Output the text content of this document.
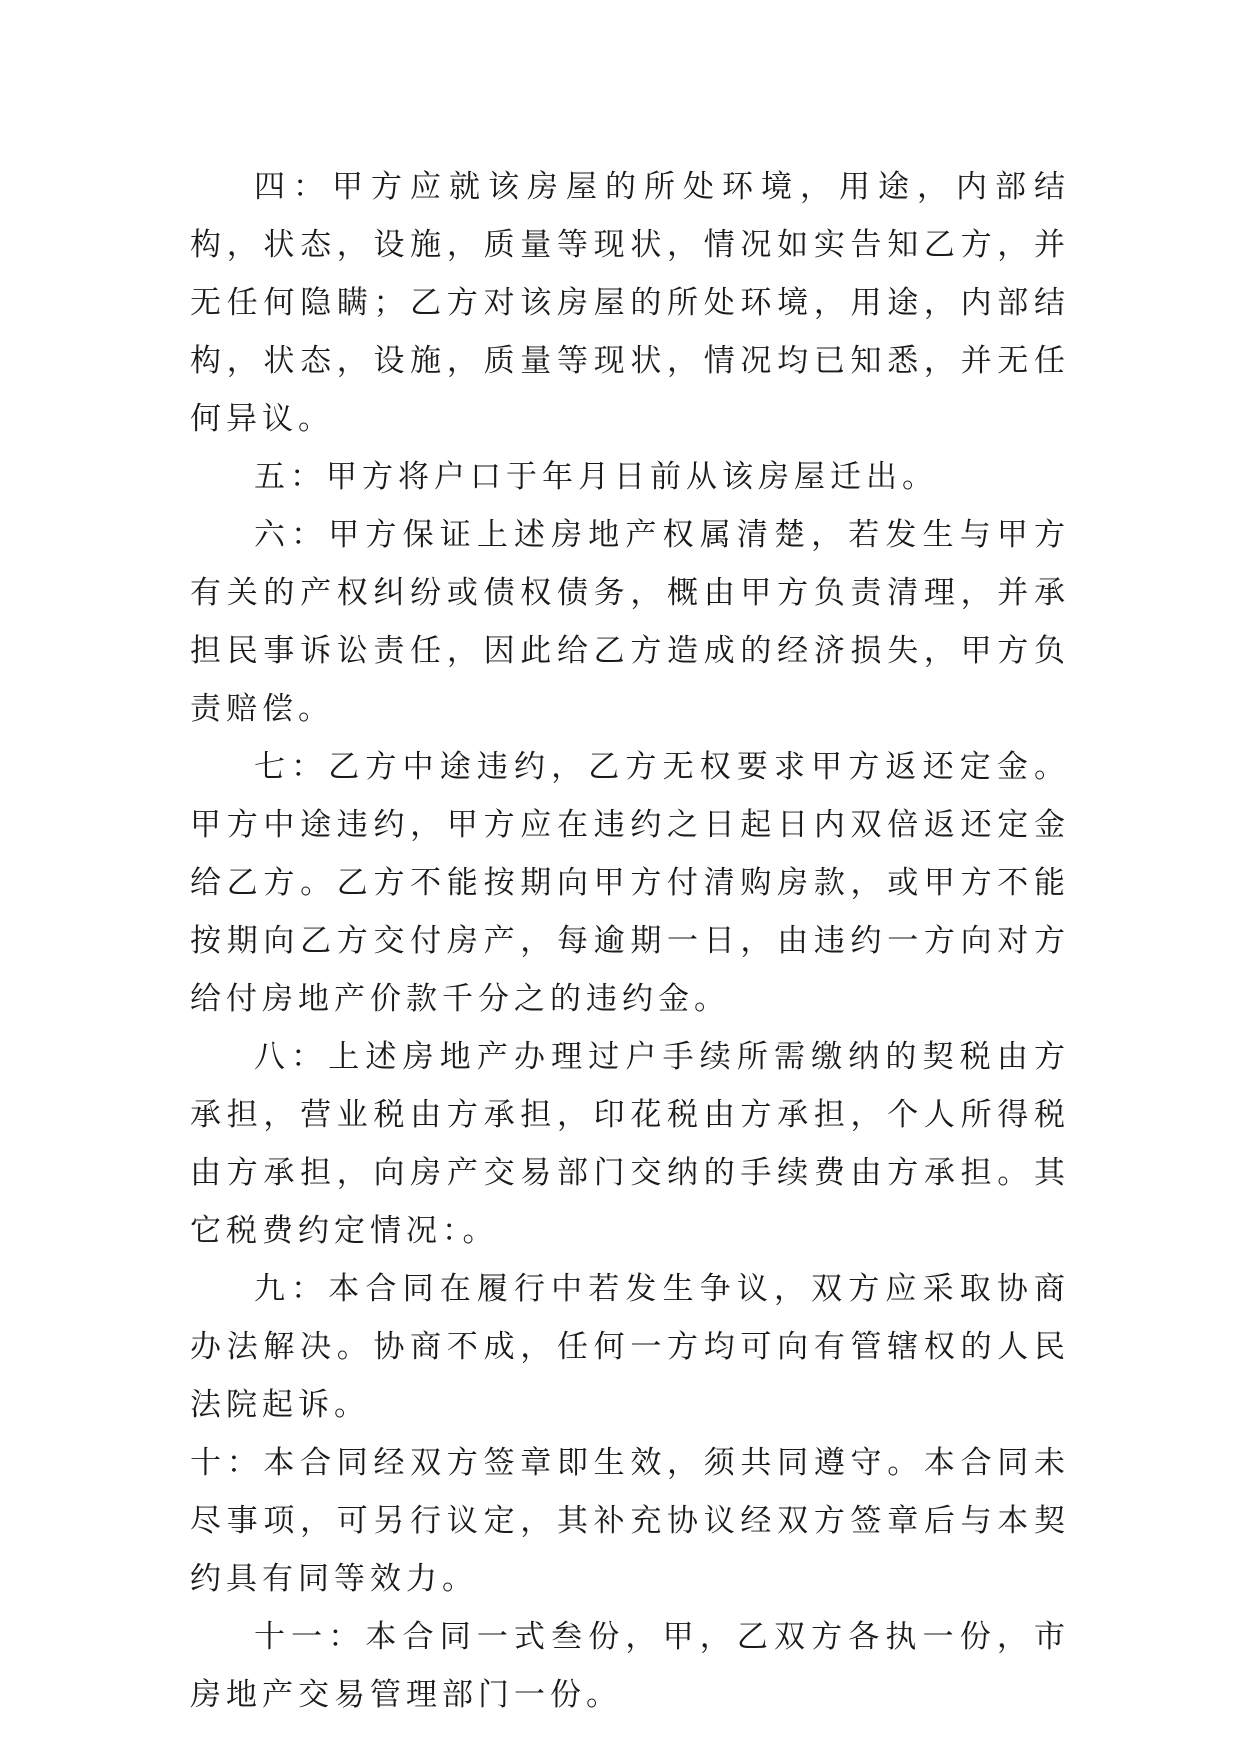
四：甲方应就该房屋的所处环境，用途，内部结构，状态，设施，质量等现状，情况如实告知乙方，并无任何隐瞒；乙方对该房屋的所处环境，用途，内部结构，状态，设施，质量等现状，情况均已知悉，并无任何异议。

五：甲方将户口于年月日前从该房屋迁出。

六：甲方保证上述房地产权属清楚，若发生与甲方有关的产权纠纷或债权债务，概由甲方负责清理，并承担民事诉讼责任，因此给乙方造成的经济损失，甲方负责赔偿。

七：乙方中途违约，乙方无权要求甲方返还定金。甲方中途违约，甲方应在违约之日起日内双倍返还定金给乙方。乙方不能按期向甲方付清购房款，或甲方不能按期向乙方交付房产，每逾期一日，由违约一方向对方给付房地产价款千分之的违约金。

八：上述房地产办理过户手续所需缴纳的契税由方承担，营业税由方承担，印花税由方承担，个人所得税由方承担，向房产交易部门交纳的手续费由方承担。其它税费约定情况：。

九：本合同在履行中若发生争议，双方应采取协商办法解决。协商不成，任何一方均可向有管辖权的人民法院起诉。

十：本合同经双方签章即生效，须共同遵守。本合同未尽事项，可另行议定，其补充协议经双方签章后与本契约具有同等效力。

十一：本合同一式叁份，甲，乙双方各执一份，市房地产交易管理部门一份。
